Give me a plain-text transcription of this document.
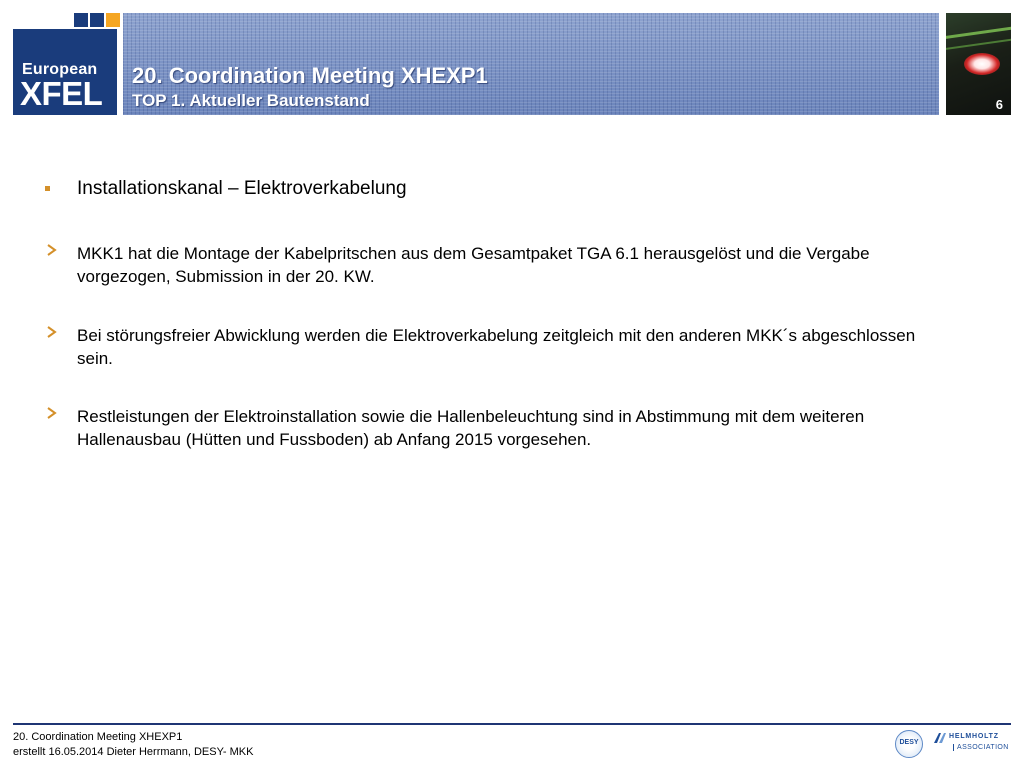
European
XFEL 20. Coordination Meeting XHEXP1
TOP 1. Aktueller Bautenstand	6
Installationskanal – Elektroverkabelung
MKK1 hat die Montage der Kabelpritschen aus dem Gesamtpaket TGA 6.1 herausgelöst und die Vergabe vorgezogen, Submission in der 20. KW.
Bei störungsfreier Abwicklung werden die Elektroverkabelung zeitgleich mit den anderen MKK´s abgeschlossen sein.
Restleistungen der Elektroinstallation sowie die Hallenbeleuchtung sind in Abstimmung mit dem weiteren Hallenausbau (Hütten und Fussboden) ab Anfang 2015 vorgesehen.
20. Coordination Meeting XHEXP1
erstellt 16.05.2014 Dieter Herrmann, DESY- MKK
DESY
HELMHOLTZ
ASSOCIATION
